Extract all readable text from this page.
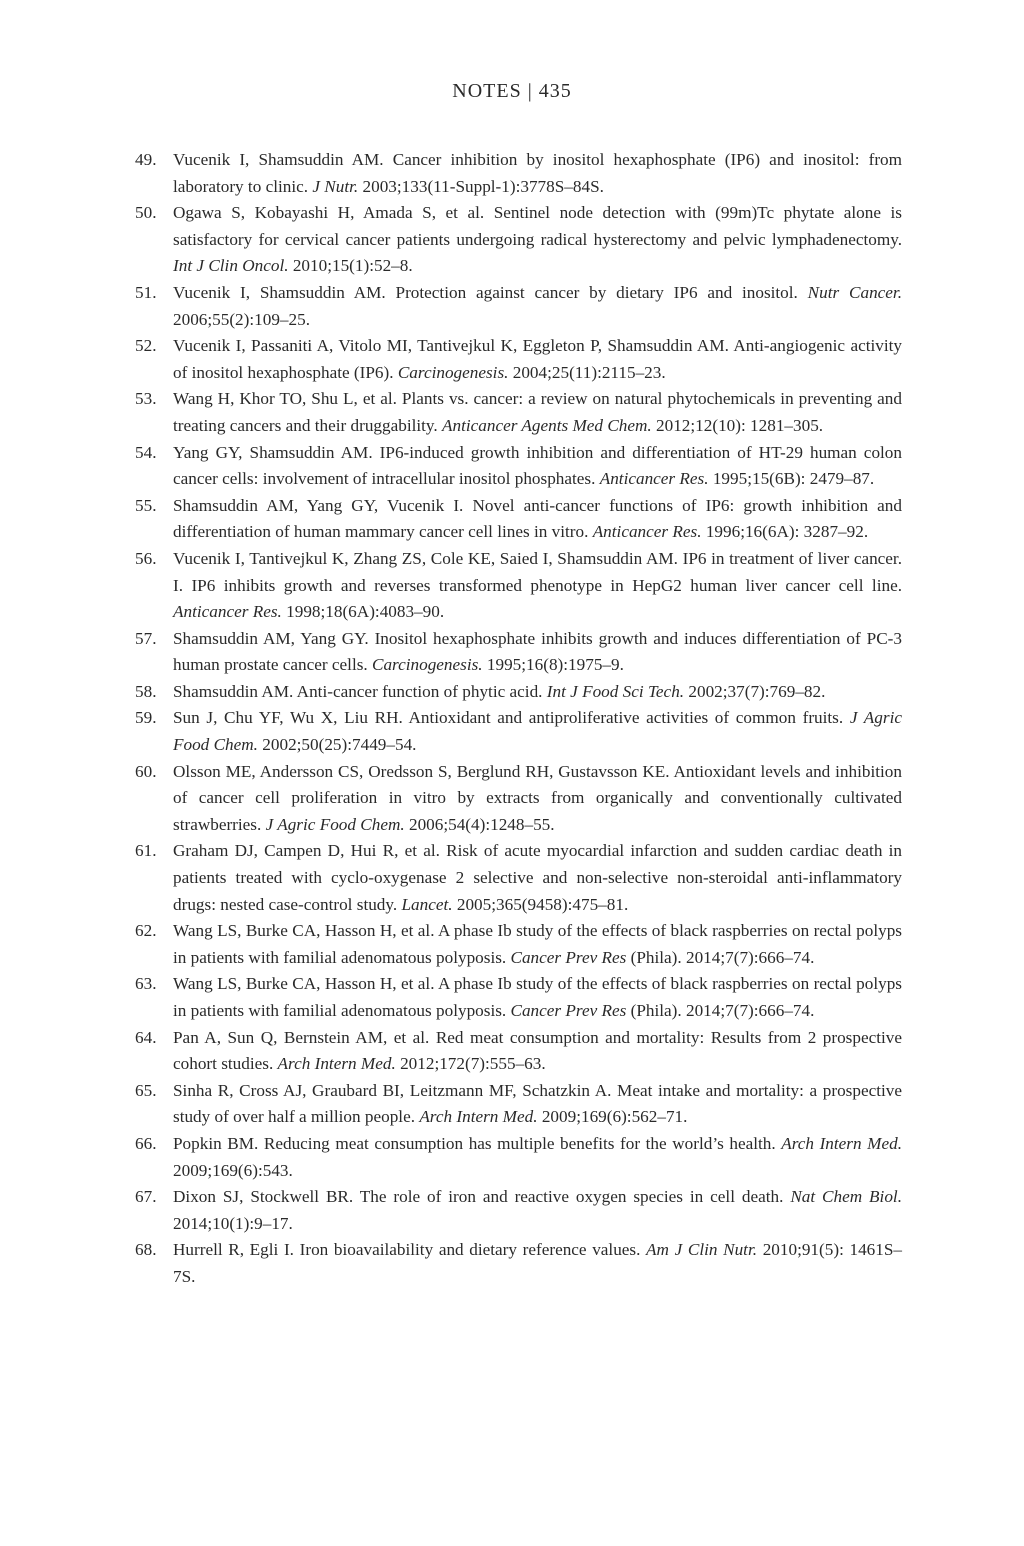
NOTES | 435
49. Vucenik I, Shamsuddin AM. Cancer inhibition by inositol hexaphosphate (IP6) and inositol: from laboratory to clinic. J Nutr. 2003;133(11-Suppl-1):3778S–84S.
50. Ogawa S, Kobayashi H, Amada S, et al. Sentinel node detection with (99m)Tc phytate alone is satisfactory for cervical cancer patients undergoing radical hysterectomy and pelvic lymphadenectomy. Int J Clin Oncol. 2010;15(1):52–8.
51. Vucenik I, Shamsuddin AM. Protection against cancer by dietary IP6 and inositol. Nutr Cancer. 2006;55(2):109–25.
52. Vucenik I, Passaniti A, Vitolo MI, Tantivejkul K, Eggleton P, Shamsuddin AM. Anti-angiogenic activity of inositol hexaphosphate (IP6). Carcinogenesis. 2004;25(11):2115–23.
53. Wang H, Khor TO, Shu L, et al. Plants vs. cancer: a review on natural phytochemicals in preventing and treating cancers and their druggability. Anticancer Agents Med Chem. 2012;12(10): 1281–305.
54. Yang GY, Shamsuddin AM. IP6-induced growth inhibition and differentiation of HT-29 human colon cancer cells: involvement of intracellular inositol phosphates. Anticancer Res. 1995;15(6B): 2479–87.
55. Shamsuddin AM, Yang GY, Vucenik I. Novel anti-cancer functions of IP6: growth inhibition and differentiation of human mammary cancer cell lines in vitro. Anticancer Res. 1996;16(6A): 3287–92.
56. Vucenik I, Tantivejkul K, Zhang ZS, Cole KE, Saied I, Shamsuddin AM. IP6 in treatment of liver cancer. I. IP6 inhibits growth and reverses transformed phenotype in HepG2 human liver cancer cell line. Anticancer Res. 1998;18(6A):4083–90.
57. Shamsuddin AM, Yang GY. Inositol hexaphosphate inhibits growth and induces differentiation of PC-3 human prostate cancer cells. Carcinogenesis. 1995;16(8):1975–9.
58. Shamsuddin AM. Anti-cancer function of phytic acid. Int J Food Sci Tech. 2002;37(7):769–82.
59. Sun J, Chu YF, Wu X, Liu RH. Antioxidant and antiproliferative activities of common fruits. J Agric Food Chem. 2002;50(25):7449–54.
60. Olsson ME, Andersson CS, Oredsson S, Berglund RH, Gustavsson KE. Antioxidant levels and inhibition of cancer cell proliferation in vitro by extracts from organically and conventionally cultivated strawberries. J Agric Food Chem. 2006;54(4):1248–55.
61. Graham DJ, Campen D, Hui R, et al. Risk of acute myocardial infarction and sudden cardiac death in patients treated with cyclo-oxygenase 2 selective and non-selective non-steroidal anti-inflammatory drugs: nested case-control study. Lancet. 2005;365(9458):475–81.
62. Wang LS, Burke CA, Hasson H, et al. A phase Ib study of the effects of black raspberries on rectal polyps in patients with familial adenomatous polyposis. Cancer Prev Res (Phila). 2014;7(7):666–74.
63. Wang LS, Burke CA, Hasson H, et al. A phase Ib study of the effects of black raspberries on rectal polyps in patients with familial adenomatous polyposis. Cancer Prev Res (Phila). 2014;7(7):666–74.
64. Pan A, Sun Q, Bernstein AM, et al. Red meat consumption and mortality: Results from 2 prospective cohort studies. Arch Intern Med. 2012;172(7):555–63.
65. Sinha R, Cross AJ, Graubard BI, Leitzmann MF, Schatzkin A. Meat intake and mortality: a prospective study of over half a million people. Arch Intern Med. 2009;169(6):562–71.
66. Popkin BM. Reducing meat consumption has multiple benefits for the world’s health. Arch Intern Med. 2009;169(6):543.
67. Dixon SJ, Stockwell BR. The role of iron and reactive oxygen species in cell death. Nat Chem Biol. 2014;10(1):9–17.
68. Hurrell R, Egli I. Iron bioavailability and dietary reference values. Am J Clin Nutr. 2010;91(5): 1461S–7S.
